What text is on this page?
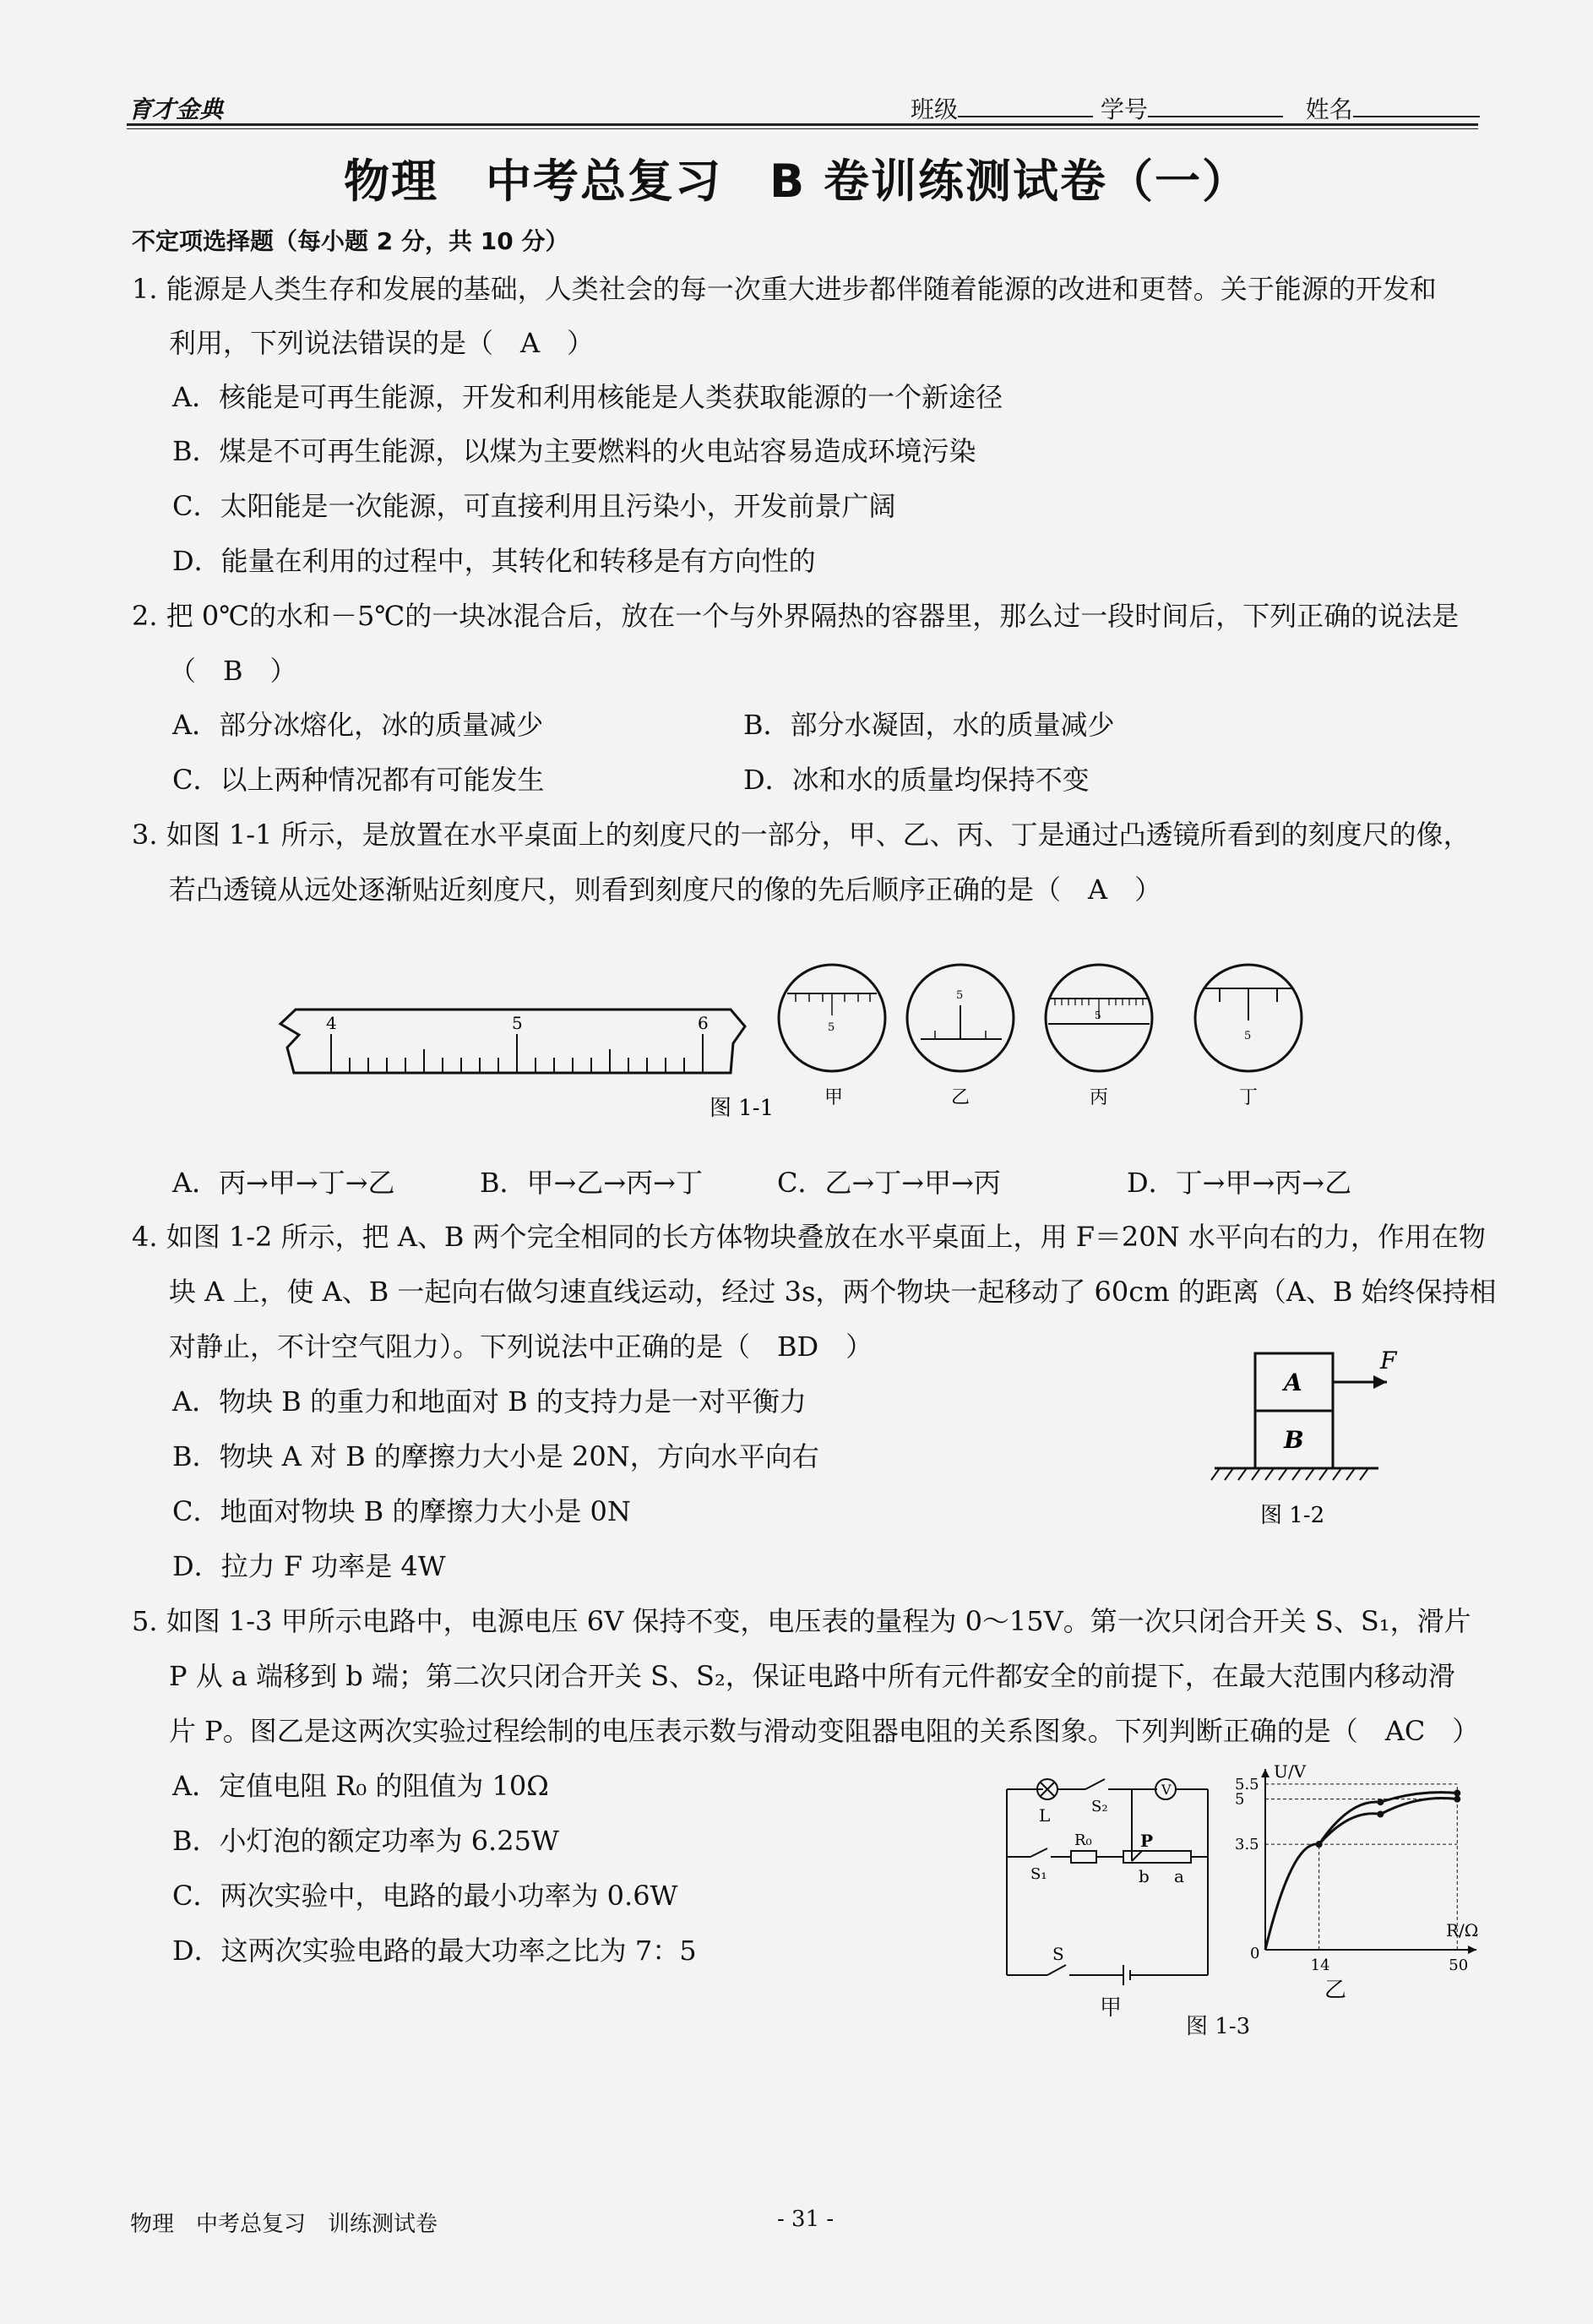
育才金典	班级	学号	姓名
物理　中考总复习　B 卷训练测试卷（一）
不定项选择题（每小题 2 分，共 10 分）
1. 能源是人类生存和发展的基础，人类社会的每一次重大进步都伴随着能源的改进和更替。关于能源的开发和
利用，下列说法错误的是（　A　）
A．核能是可再生能源，开发和利用核能是人类获取能源的一个新途径
B．煤是不可再生能源，以煤为主要燃料的火电站容易造成环境污染
C．太阳能是一次能源，可直接利用且污染小，开发前景广阔
D．能量在利用的过程中，其转化和转移是有方向性的
2. 把 0℃的水和－5℃的一块冰混合后，放在一个与外界隔热的容器里，那么过一段时间后，下列正确的说法是
（　B　）
A．部分冰熔化，冰的质量减少	B．部分水凝固，水的质量减少
C．以上两种情况都有可能发生	D．冰和水的质量均保持不变
3. 如图 1-1 所示，是放置在水平桌面上的刻度尺的一部分，甲、乙、丙、丁是通过凸透镜所看到的刻度尺的像，
若凸透镜从远处逐渐贴近刻度尺，则看到刻度尺的像的先后顺序正确的是（　A　）
4	5	6	5
5
5
5
甲	乙	丙	丁
图 1-1
A．丙→甲→丁→乙	B．甲→乙→丙→丁	C．乙→丁→甲→丙	D．丁→甲→丙→乙
4. 如图 1-2 所示，把 A、B 两个完全相同的长方体物块叠放在水平桌面上，用 F＝20N 水平向右的力，作用在物
块 A 上，使 A、B 一起向右做匀速直线运动，经过 3s，两个物块一起移动了 60cm 的距离（A、B 始终保持相
对静止，不计空气阻力）。下列说法中正确的是（　BD　）
A．物块 B 的重力和地面对 B 的支持力是一对平衡力
B．物块 A 对 B 的摩擦力大小是 20N，方向水平向右
C．地面对物块 B 的摩擦力大小是 0N
D．拉力 F 功率是 4W
A
B
F
图 1-2
5. 如图 1-3 甲所示电路中，电源电压 6V 保持不变，电压表的量程为 0～15V。第一次只闭合开关 S、S₁，滑片
P 从 a 端移到 b 端；第二次只闭合开关 S、S₂，保证电路中所有元件都安全的前提下，在最大范围内移动滑
片 P。图乙是这两次实验过程绘制的电压表示数与滑动变阻器电阻的关系图象。下列判断正确的是（　AC　）
A．定值电阻 R₀ 的阻值为 10Ω
B．小灯泡的额定功率为 6.25W
C．两次实验中，电路的最小功率为 0.6W
D．这两次实验电路的最大功率之比为 7：5
V
L	S₂
R₀	P
S₁	b a
S
甲
U/V
R/Ω
0
3.5
5
5.5
14	50
乙
图 1-3
物理　中考总复习　训练测试卷	- 31 -
